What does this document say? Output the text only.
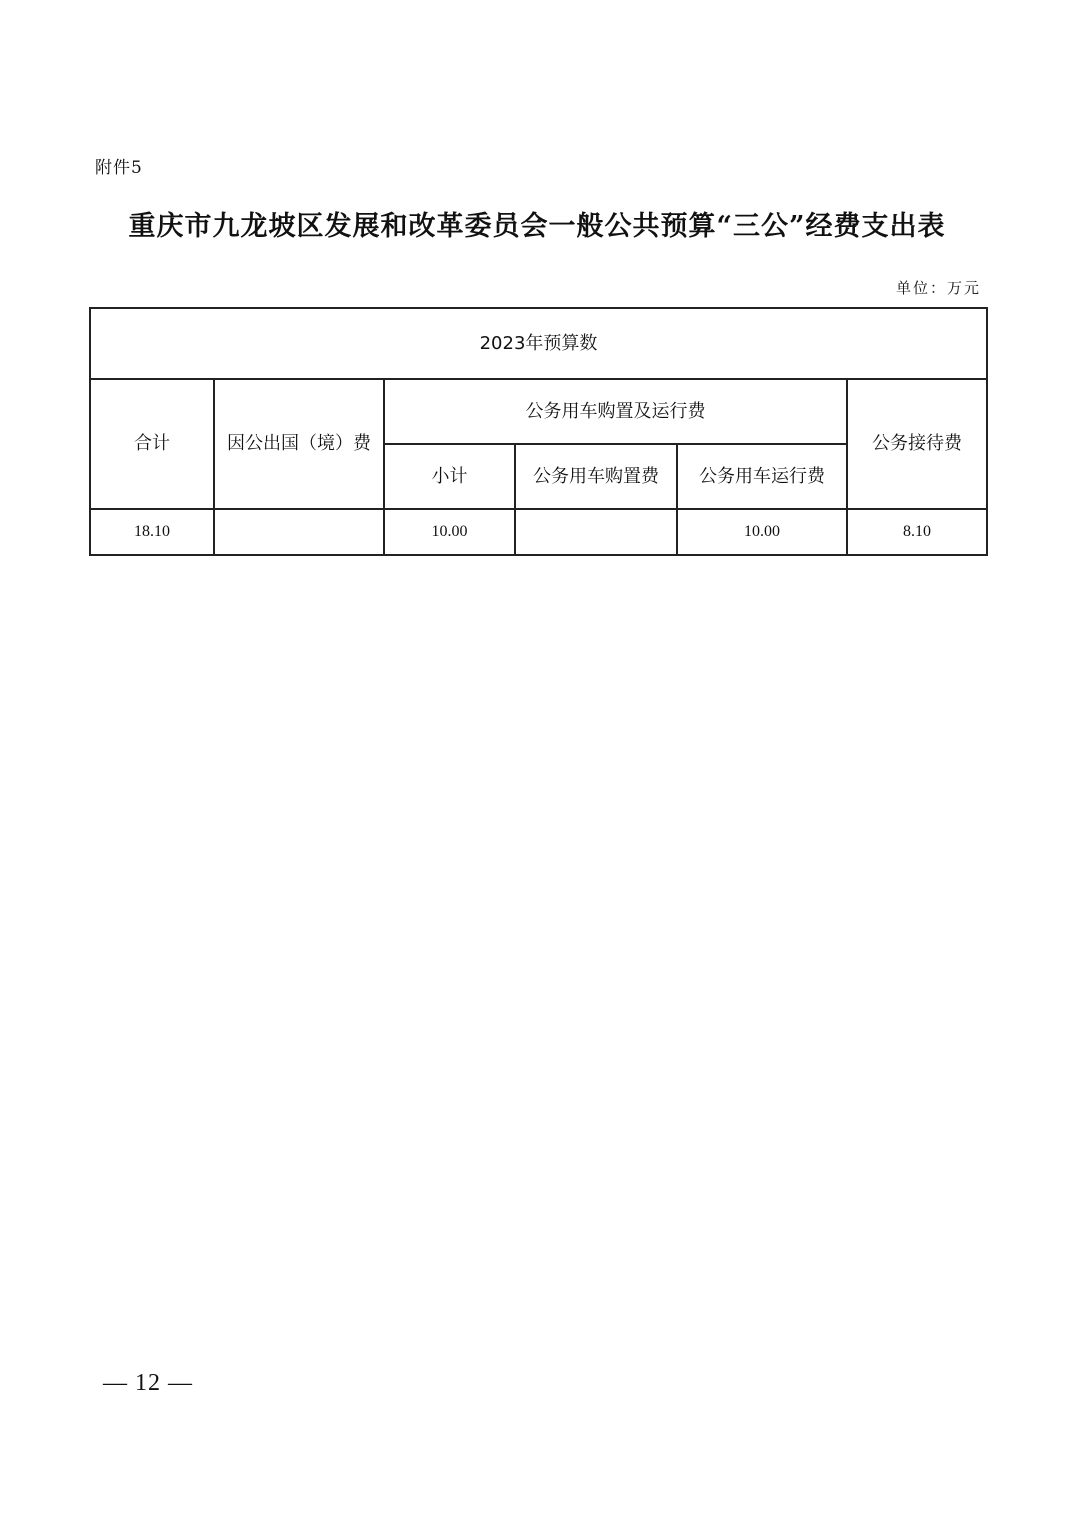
附件5
重庆市九龙坡区发展和改革委员会一般公共预算“三公”经费支出表
单位：万元
2023年预算数					
合计	因公出国（境）费	公务用车购置及运行费			公务接待费
		小计	公务用车购置费	公务用车运行费	
18.10		10.00		10.00	8.10
— 12 —
